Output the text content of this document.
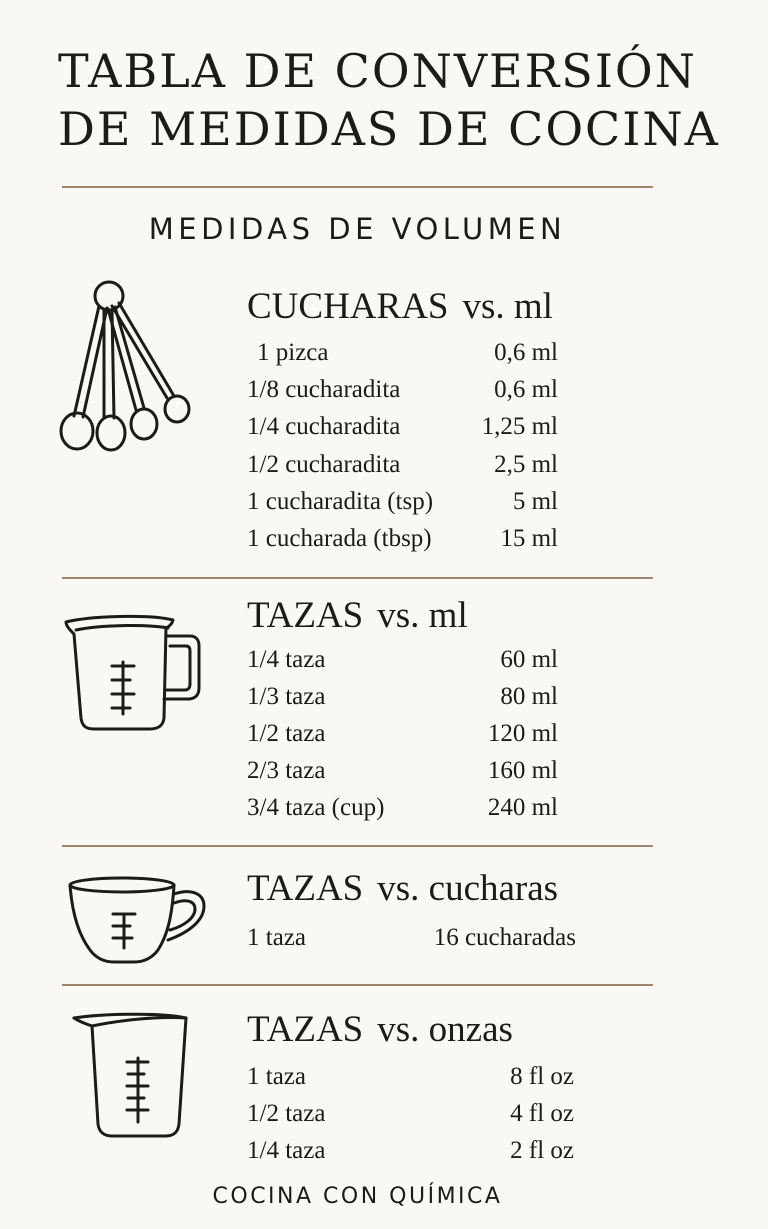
TABLA DE CONVERSIÓN
DE MEDIDAS DE COCINA
MEDIDAS DE VOLUMEN
CUCHARAS vs. ml
1 pizca	0,6 ml
1/8 cucharadita	0,6 ml
1/4 cucharadita	1,25 ml
1/2 cucharadita	2,5 ml
1 cucharadita (tsp)	5 ml
1 cucharada (tbsp)	15 ml
TAZAS vs. ml
1/4 taza	60 ml
1/3 taza	80 ml
1/2 taza	120 ml
2/3 taza	160 ml
3/4 taza (cup)	240 ml
TAZAS vs. cucharas
1 taza	16 cucharadas
TAZAS vs. onzas
1 taza	8 fl oz
1/2 taza	4 fl oz
1/4 taza	2 fl oz
COCINA CON QUÍMICA
